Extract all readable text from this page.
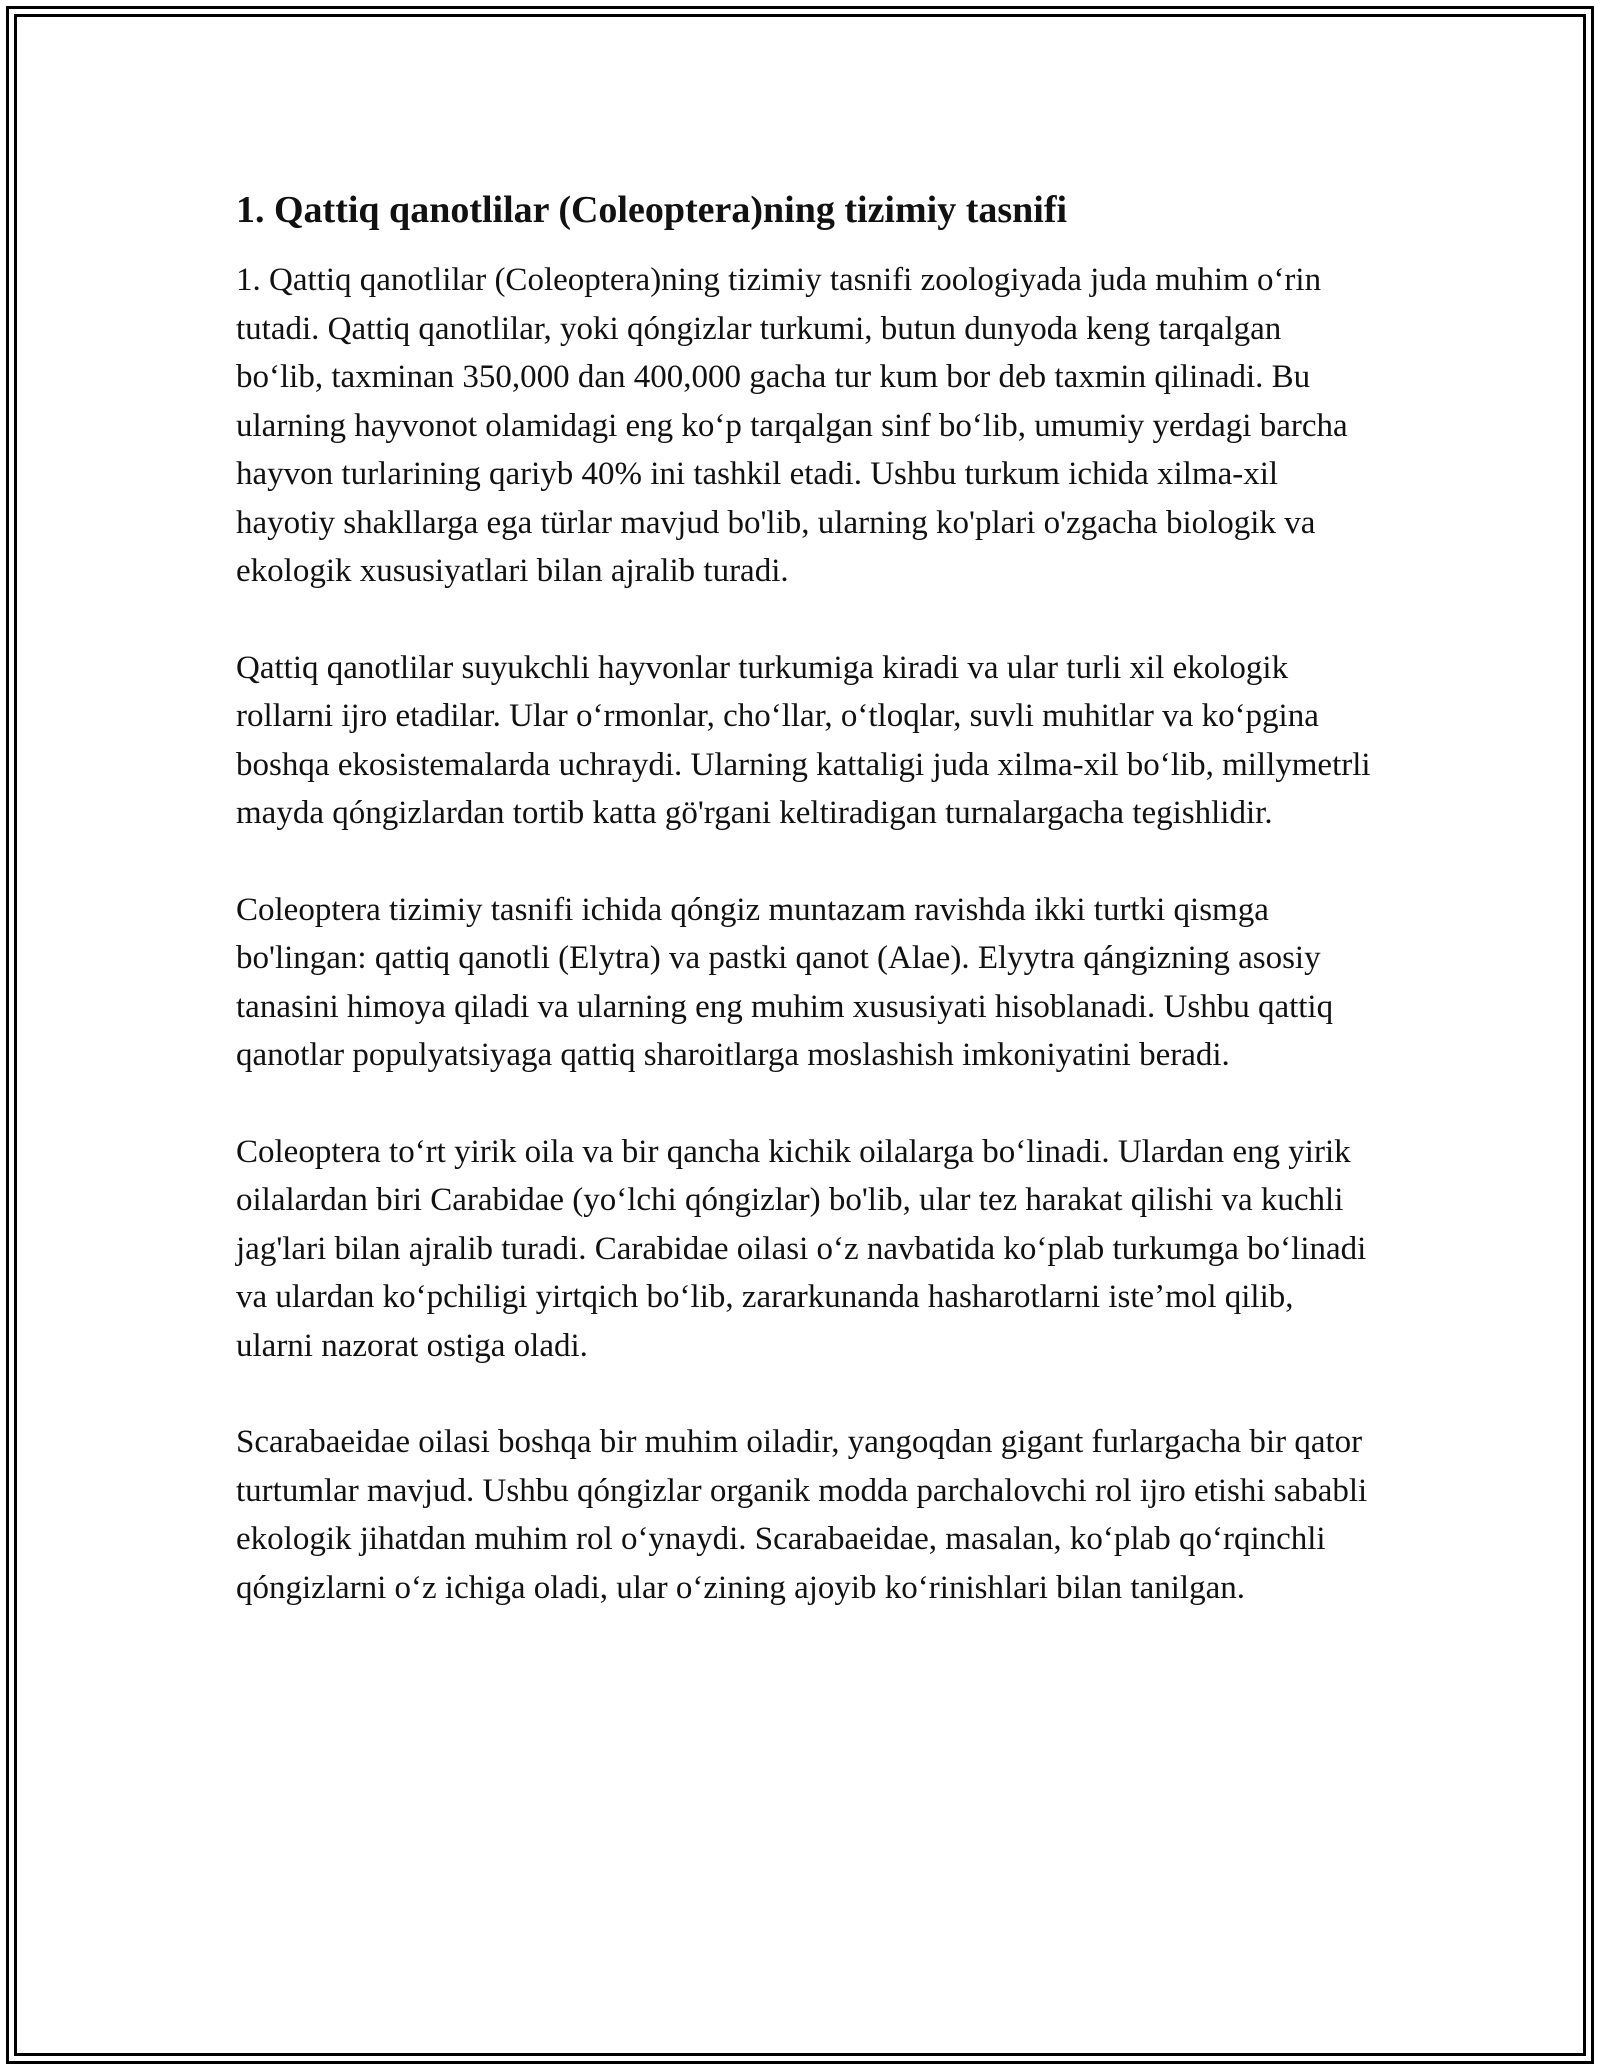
1. Qattiq qanotlilar (Coleoptera)ning tizimiy tasnifi

1. Qattiq qanotlilar (Coleoptera)ning tizimiy tasnifi zoologiyada juda muhim oʻrin tutadi. Qattiq qanotlilar, yoki qóngizlar turkumi, butun dunyoda keng tarqalgan boʻlib, taxminan 350,000 dan 400,000 gacha tur kum bor deb taxmin qilinadi. Bu ularning hayvonot olamidagi eng koʻp tarqalgan sinf boʻlib, umumiy yerdagi barcha hayvon turlarining qariyb 40% ini tashkil etadi. Ushbu turkum ichida xilma-xil hayotiy shakllarga ega türlar mavjud bo'lib, ularning ko'plari o'zgacha biologik va ekologik xususiyatlari bilan ajralib turadi.

Qattiq qanotlilar suyukchli hayvonlar turkumiga kiradi va ular turli xil ekologik rollarni ijro etadilar. Ular oʻrmonlar, choʻllar, oʻtloqlar, suvli muhitlar va koʻpgina boshqa ekosistemalarda uchraydi. Ularning kattaligi juda xilma-xil boʻlib, millymetrli mayda qóngizlardan tortib katta gö'rgani keltiradigan turnalargacha tegishlidir.

Coleoptera tizimiy tasnifi ichida qóngiz muntazam ravishda ikki turtki qismga bo'lingan: qattiq qanotli (Elytra) va pastki qanot (Alae). Elyytra qángizning asosiy tanasini himoya qiladi va ularning eng muhim xususiyati hisoblanadi. Ushbu qattiq qanotlar populyatsiyaga qattiq sharoitlarga moslashish imkoniyatini beradi.

Coleoptera toʻrt yirik oila va bir qancha kichik oilalarga boʻlinadi. Ulardan eng yirik oilalardan biri Carabidae (yoʻlchi qóngizlar) bo'lib, ular tez harakat qilishi va kuchli jag'lari bilan ajralib turadi. Carabidae oilasi oʻz navbatida koʻplab turkumga boʻlinadi va ulardan koʻpchiligi yirtqich boʻlib, zararkunanda hasharotlarni isteʼmol qilib, ularni nazorat ostiga oladi.

Scarabaeidae oilasi boshqa bir muhim oiladir, yangoqdan gigant furlargacha bir qator turtumlar mavjud. Ushbu qóngizlar organik modda parchalovchi rol ijro etishi sababli ekologik jihatdan muhim rol oʻynaydi. Scarabaeidae, masalan, koʻplab qoʻrqinchli qóngizlarni oʻz ichiga oladi, ular oʻzining ajoyib koʻrinishlari bilan tanilgan.
